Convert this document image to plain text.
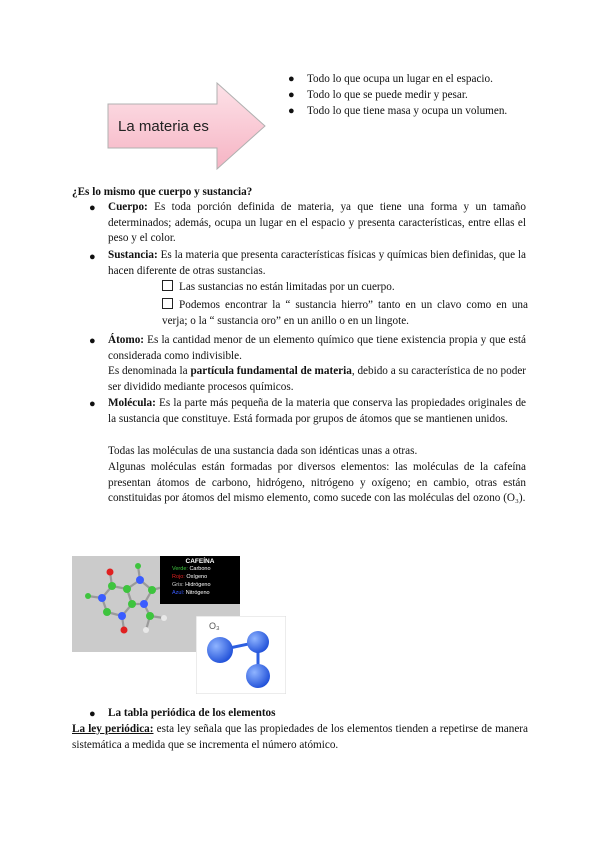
La materia es
● Todo lo que ocupa un lugar en el espacio.
● Todo lo que se puede medir y pesar.
● Todo lo que tiene masa y ocupa un volumen.
¿Es lo mismo que cuerpo y sustancia?
● Cuerpo: Es toda porción definida de materia, ya que tiene una forma y un tamaño determinados; además, ocupa un lugar en el espacio y presenta características, entre ellas el peso y el color.
● Sustancia: Es la materia que presenta características físicas y químicas bien definidas, que la hacen diferente de otras sustancias.
Las sustancias no están limitadas por un cuerpo.
Podemos encontrar la “ sustancia hierro” tanto en un clavo como en una verja; o la “ sustancia oro” en un anillo o en un lingote.
● Átomo: Es la cantidad menor de un elemento químico que tiene existencia propia y que está considerada como indivisible.
Es denominada la partícula fundamental de materia, debido a su característica de no poder ser dividido mediante procesos químicos.
● Molécula: Es la parte más pequeña de la materia que conserva las propiedades originales de la sustancia que constituye. Está formada por grupos de átomos que se mantienen unidos.
Todas las moléculas de una sustancia dada son idénticas unas a otras.
Algunas moléculas están formadas por diversos elementos: las moléculas de la cafeína presentan átomos de carbono, hidrógeno, nitrógeno y oxígeno; en cambio, otras están constituidas por átomos del mismo elemento, como sucede con las moléculas del ozono (O₃).
CAFEÍNA
Verde: Carbono
Rojo: Oxígeno
Gris: Hidrógeno
Azul: Nitrógeno
O₃
● La tabla periódica de los elementos
La ley periódica: esta ley señala que las propiedades de los elementos tienden a repetirse de manera sistemática a medida que se incrementa el número atómico.
